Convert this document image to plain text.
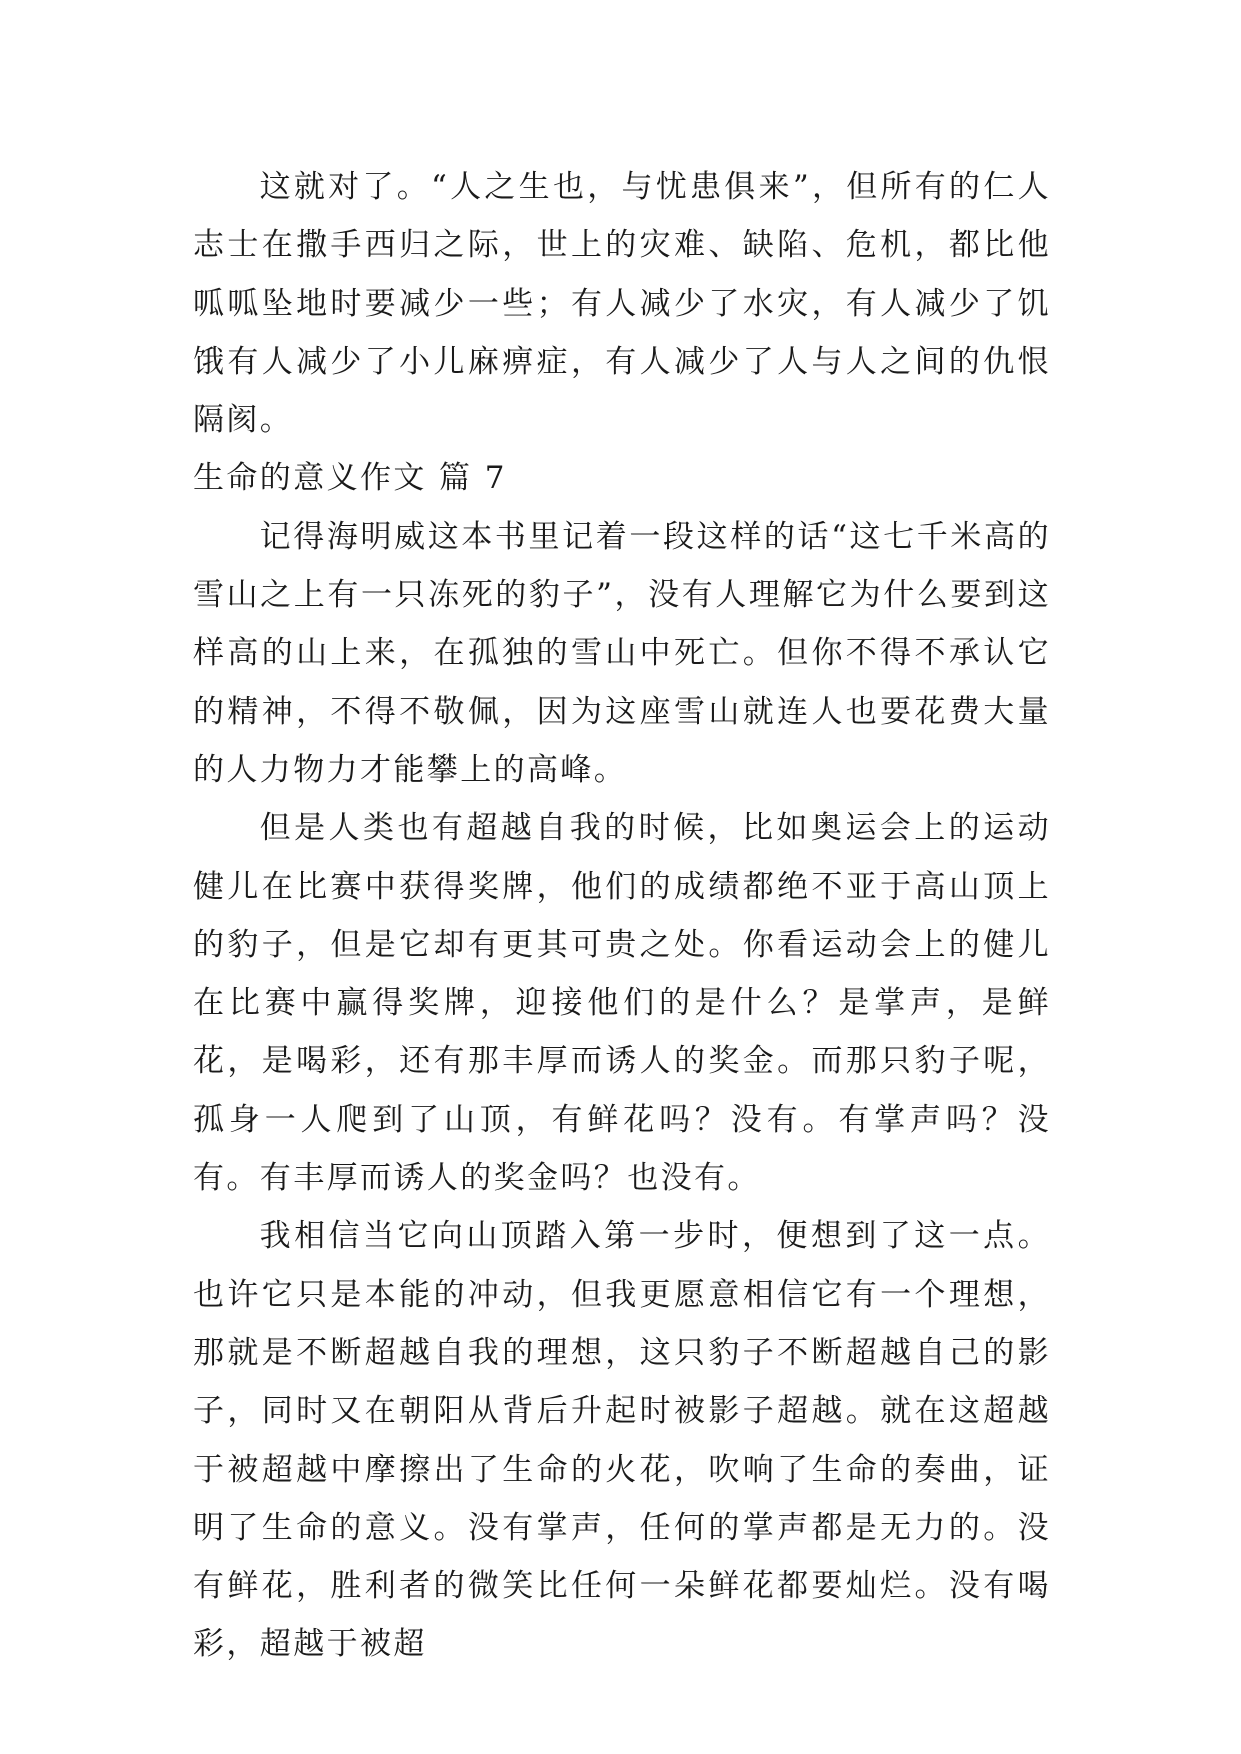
这就对了。“人之生也，与忧患俱来”，但所有的仁人志士在撒手西归之际，世上的灾难、缺陷、危机，都比他呱呱坠地时要减少一些；有人减少了水灾，有人减少了饥饿有人减少了小儿麻痹症，有人减少了人与人之间的仇恨隔阂。

生命的意义作文 篇 7

记得海明威这本书里记着一段这样的话“这七千米高的雪山之上有一只冻死的豹子”，没有人理解它为什么要到这样高的山上来，在孤独的雪山中死亡。但你不得不承认它的精神，不得不敬佩，因为这座雪山就连人也要花费大量的人力物力才能攀上的高峰。

但是人类也有超越自我的时候，比如奥运会上的运动健儿在比赛中获得奖牌，他们的成绩都绝不亚于高山顶上的豹子，但是它却有更其可贵之处。你看运动会上的健儿在比赛中赢得奖牌，迎接他们的是什么？是掌声，是鲜花，是喝彩，还有那丰厚而诱人的奖金。而那只豹子呢，孤身一人爬到了山顶，有鲜花吗？没有。有掌声吗？没有。有丰厚而诱人的奖金吗？也没有。

我相信当它向山顶踏入第一步时，便想到了这一点。也许它只是本能的冲动，但我更愿意相信它有一个理想，那就是不断超越自我的理想，这只豹子不断超越自己的影子，同时又在朝阳从背后升起时被影子超越。就在这超越于被超越中摩擦出了生命的火花，吹响了生命的奏曲，证明了生命的意义。没有掌声，任何的掌声都是无力的。没有鲜花，胜利者的微笑比任何一朵鲜花都要灿烂。没有喝彩，超越于被超
